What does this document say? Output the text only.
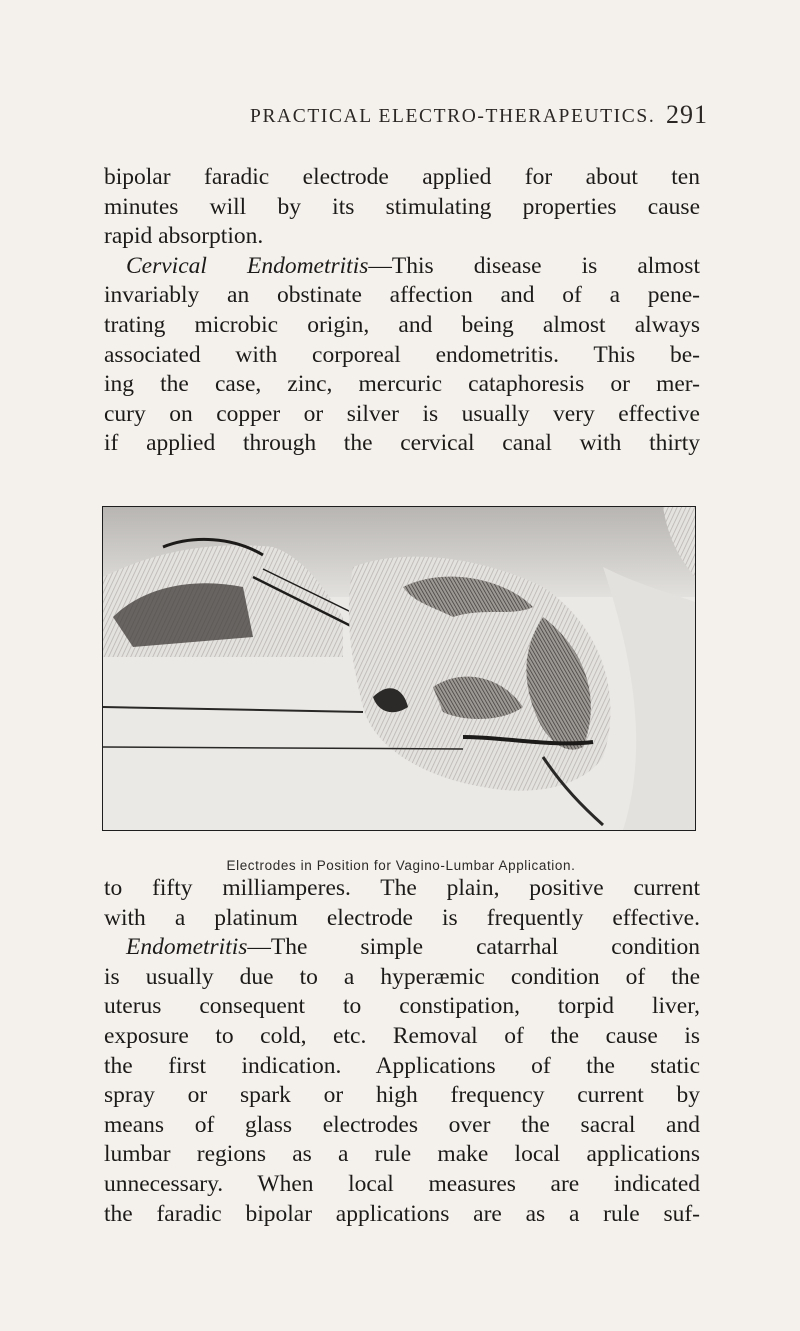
PRACTICAL ELECTRO-THERAPEUTICS. 291

bipolar faradic electrode applied for about ten

minutes will by its stimulating properties cause

rapid absorption.

Cervical Endometritis—This disease is almost

invariably an obstinate affection and of a pene-

trating microbic origin, and being almost always

associated with corporeal endometritis. This be-

ing the case, zinc, mercuric cataphoresis or mer-

cury on copper or silver is usually very effective

if applied through the cervical canal with thirty

Electrodes in Position for Vagino-Lumbar Application.

to fifty milliamperes. The plain, positive current

with a platinum electrode is frequently effective.

Endometritis—The simple catarrhal condition

is usually due to a hyperæmic condition of the

uterus consequent to constipation, torpid liver,

exposure to cold, etc. Removal of the cause is

the first indication. Applications of the static

spray or spark or high frequency current by

means of glass electrodes over the sacral and

lumbar regions as a rule make local applications

unnecessary. When local measures are indicated

the faradic bipolar applications are as a rule suf-
